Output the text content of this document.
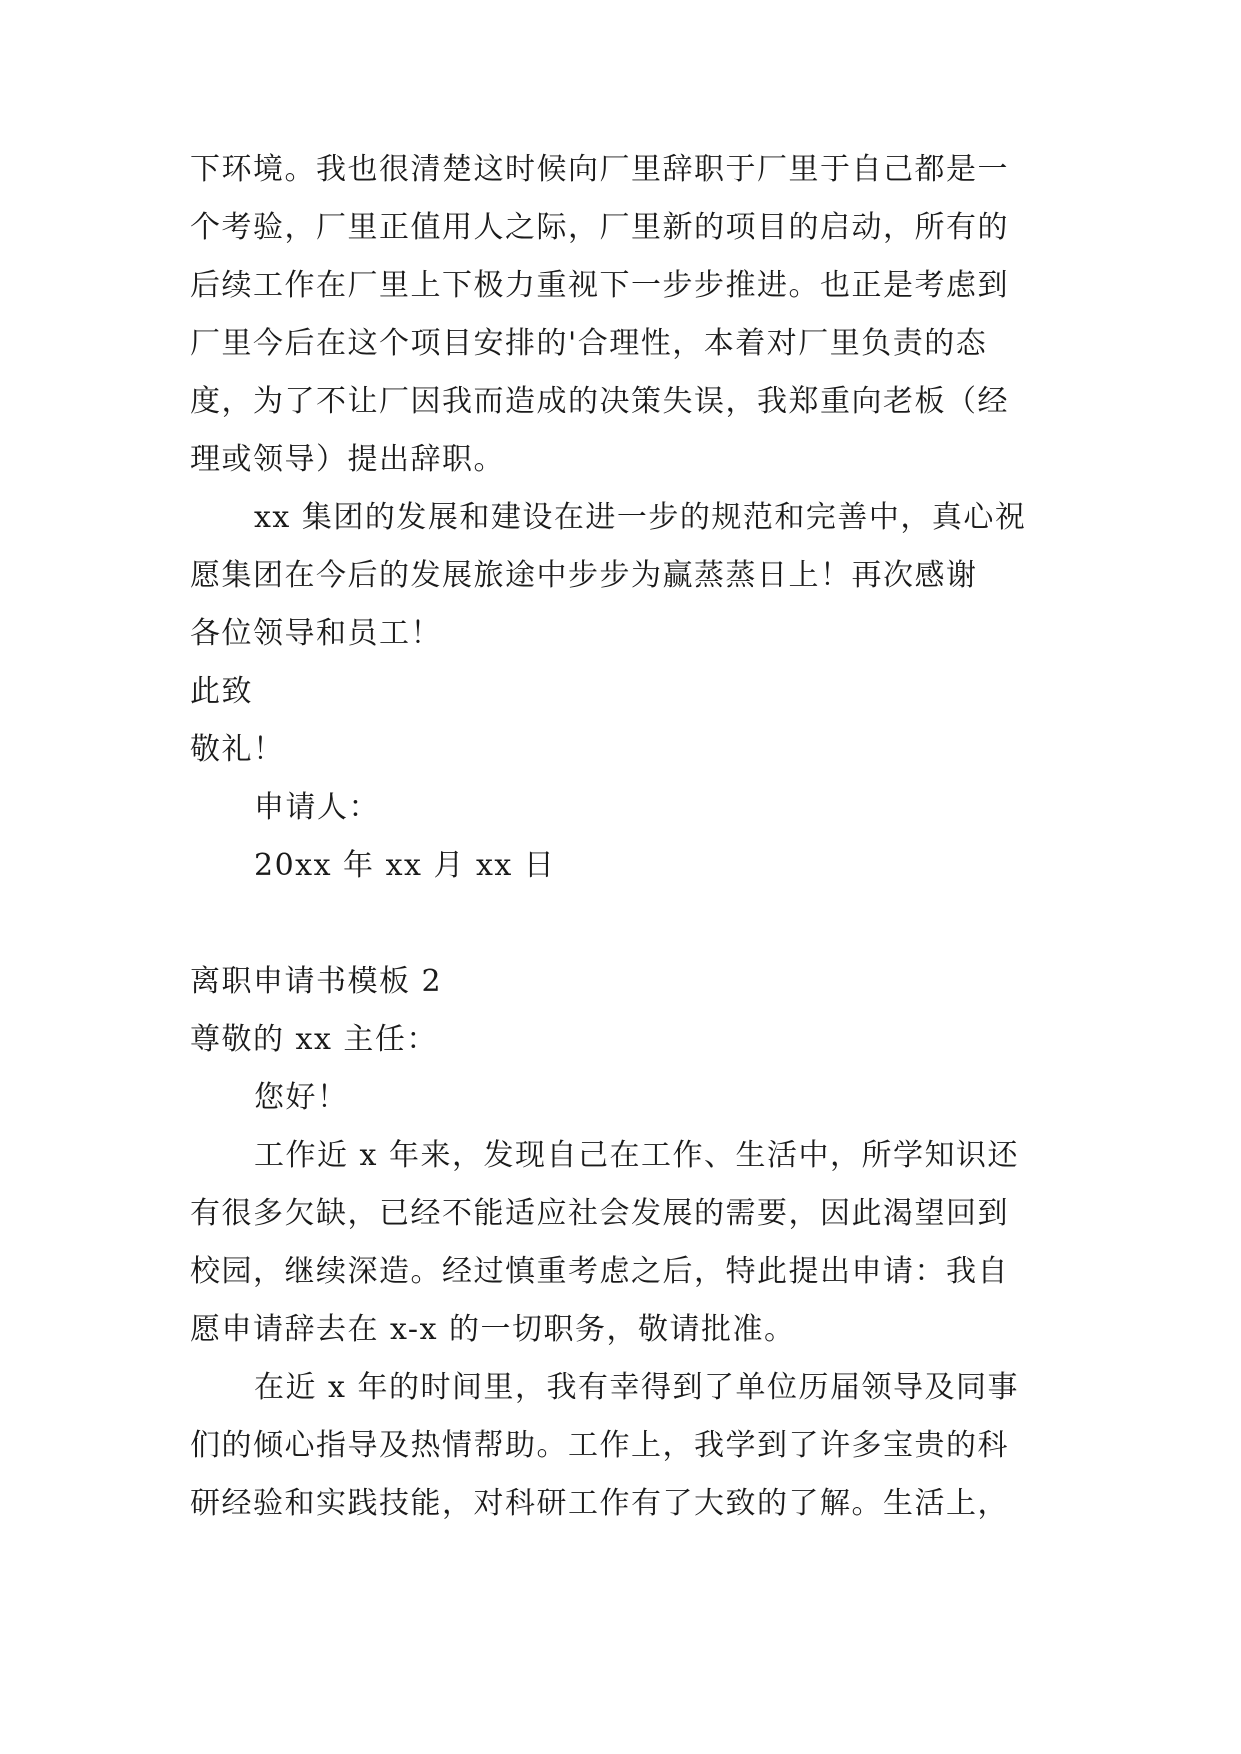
下环境。我也很清楚这时候向厂里辞职于厂里于自己都是一
个考验，厂里正值用人之际，厂里新的项目的启动，所有的
后续工作在厂里上下极力重视下一步步推进。也正是考虑到
厂里今后在这个项目安排的'合理性，本着对厂里负责的态
度，为了不让厂因我而造成的决策失误，我郑重向老板（经
理或领导）提出辞职。
xx 集团的发展和建设在进一步的规范和完善中，真心祝
愿集团在今后的发展旅途中步步为赢蒸蒸日上！再次感谢
各位领导和员工！
此致
敬礼！
申请人：
20xx 年 xx 月 xx 日
离职申请书模板 2
尊敬的 xx 主任：
您好！
工作近 x 年来，发现自己在工作、生活中，所学知识还
有很多欠缺，已经不能适应社会发展的需要，因此渴望回到
校园，继续深造。经过慎重考虑之后，特此提出申请：我自
愿申请辞去在 x-x 的一切职务，敬请批准。
在近 x 年的时间里，我有幸得到了单位历届领导及同事
们的倾心指导及热情帮助。工作上，我学到了许多宝贵的科
研经验和实践技能，对科研工作有了大致的了解。生活上，
